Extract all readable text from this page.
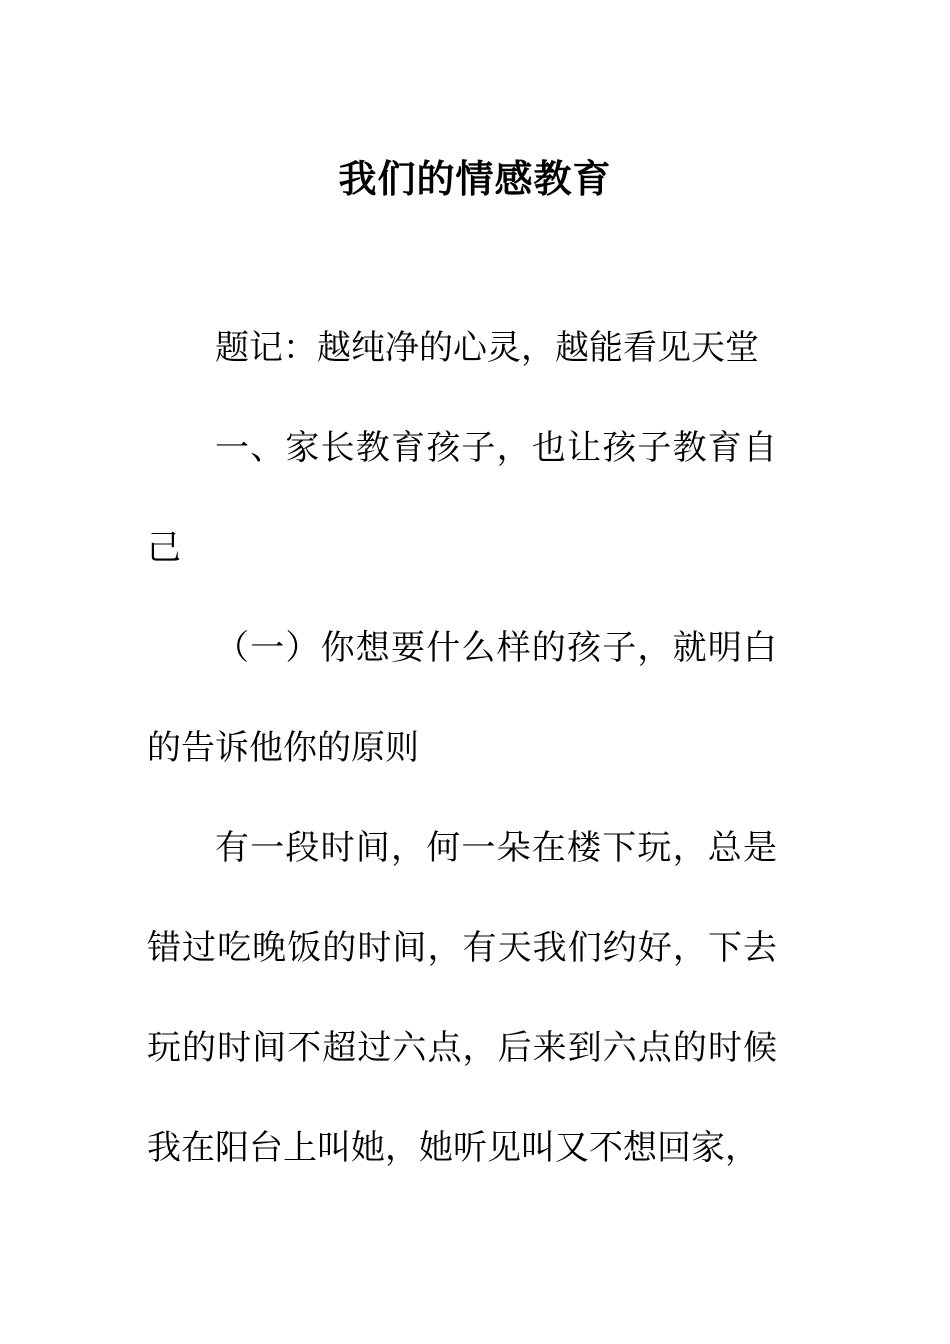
我们的情感教育

题记：越纯净的心灵，越能看见天堂

一、家长教育孩子，也让孩子教育自己

（一）你想要什么样的孩子，就明白的告诉他你的原则

有一段时间，何一朵在楼下玩，总是错过吃晚饭的时间，有天我们约好，下去玩的时间不超过六点，后来到六点的时候我在阳台上叫她，她听见叫又不想回家，
